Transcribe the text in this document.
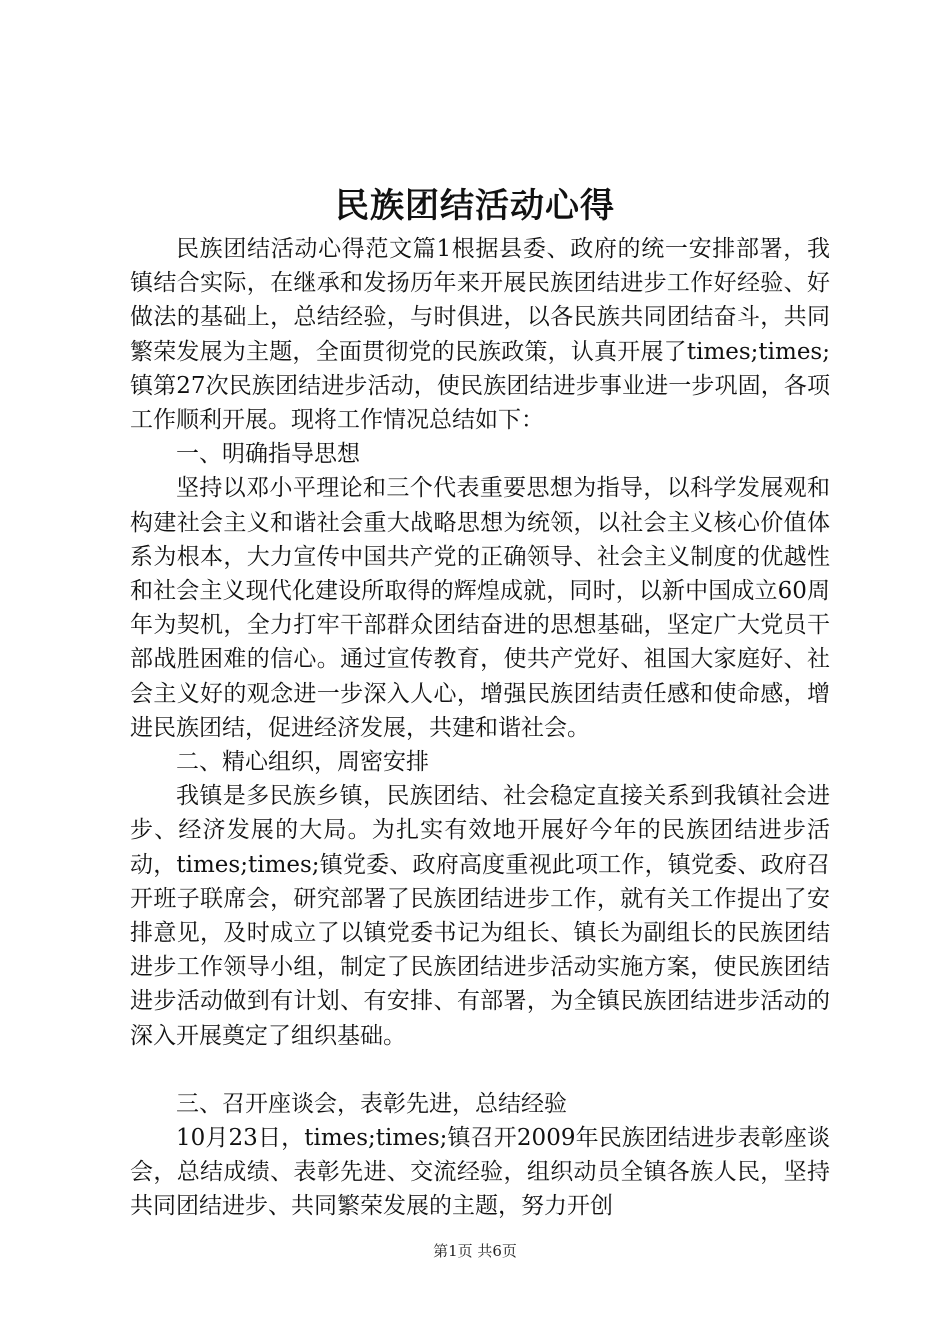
民族团结活动心得

民族团结活动心得范文篇1根据县委、政府的统一安排部署，我镇结合实际，在继承和发扬历年来开展民族团结进步工作好经验、好做法的基础上，总结经验，与时俱进，以各民族共同团结奋斗，共同繁荣发展为主题，全面贯彻党的民族政策，认真开展了times;times;镇第27次民族团结进步活动，使民族团结进步事业进一步巩固，各项工作顺利开展。现将工作情况总结如下：

一、明确指导思想

坚持以邓小平理论和三个代表重要思想为指导，以科学发展观和构建社会主义和谐社会重大战略思想为统领，以社会主义核心价值体系为根本，大力宣传中国共产党的正确领导、社会主义制度的优越性和社会主义现代化建设所取得的辉煌成就，同时，以新中国成立60周年为契机，全力打牢干部群众团结奋进的思想基础，坚定广大党员干部战胜困难的信心。通过宣传教育，使共产党好、祖国大家庭好、社会主义好的观念进一步深入人心，增强民族团结责任感和使命感，增进民族团结，促进经济发展，共建和谐社会。

二、精心组织，周密安排

我镇是多民族乡镇，民族团结、社会稳定直接关系到我镇社会进步、经济发展的大局。为扎实有效地开展好今年的民族团结进步活动，times;times;镇党委、政府高度重视此项工作，镇党委、政府召开班子联席会，研究部署了民族团结进步工作，就有关工作提出了安排意见，及时成立了以镇党委书记为组长、镇长为副组长的民族团结进步工作领导小组，制定了民族团结进步活动实施方案，使民族团结进步活动做到有计划、有安排、有部署，为全镇民族团结进步活动的深入开展奠定了组织基础。

三、召开座谈会，表彰先进，总结经验

10月23日，times;times;镇召开2009年民族团结进步表彰座谈会，总结成绩、表彰先进、交流经验，组织动员全镇各族人民，坚持共同团结进步、共同繁荣发展的主题，努力开创

第1页 共6页
